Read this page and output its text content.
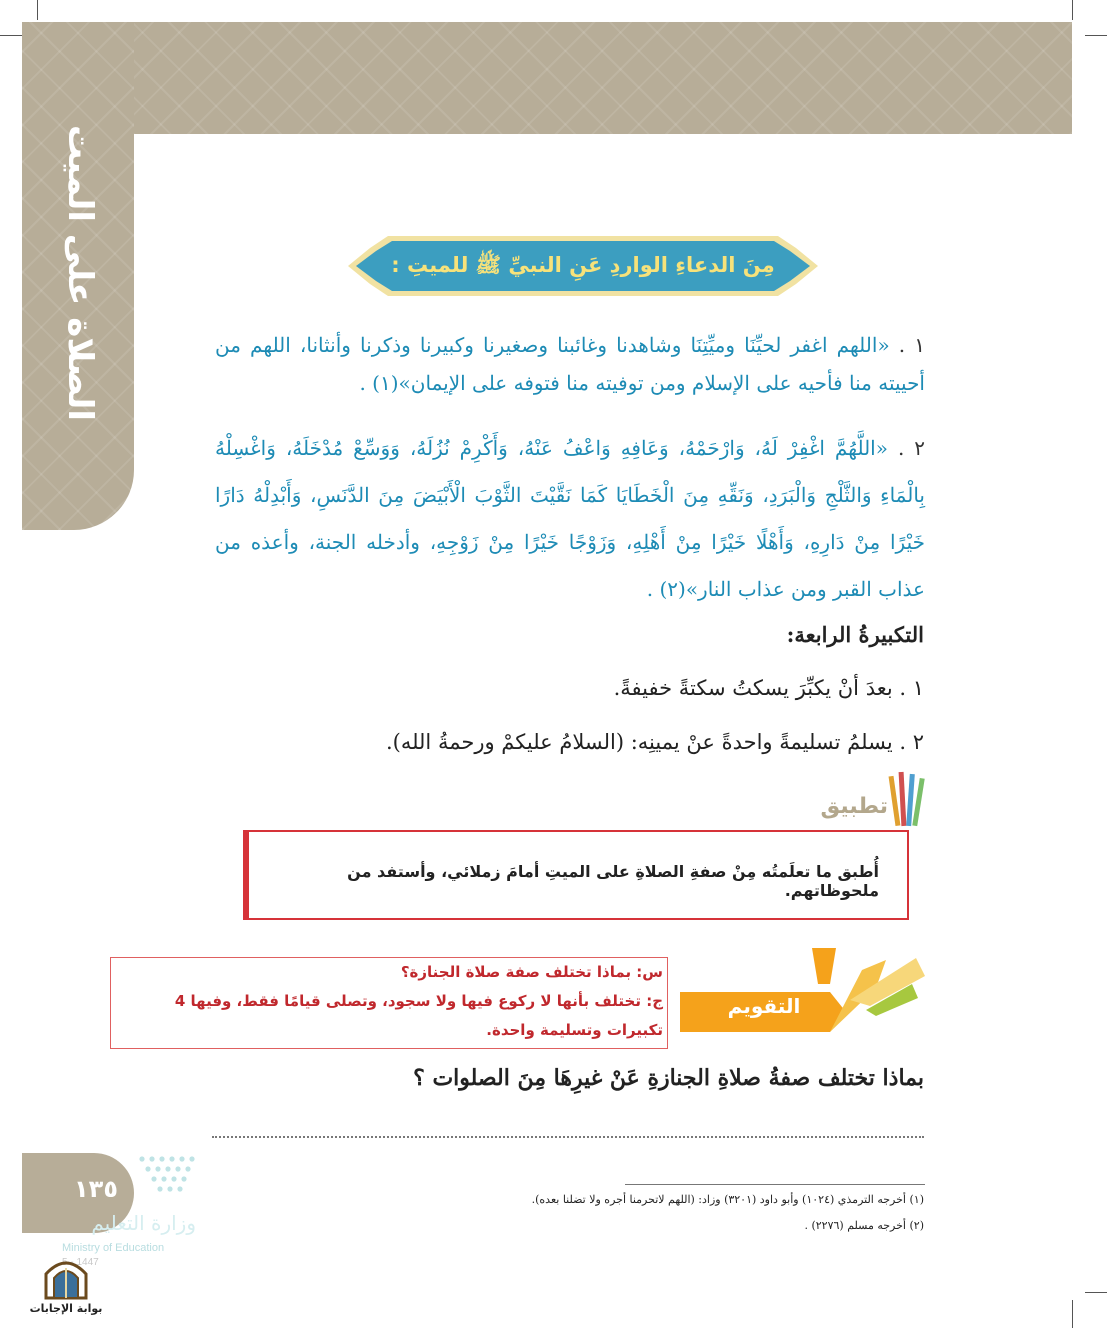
الصلاة على الميت	مِنَ الدعاءِ الواردِ عَنِ النبيِّ ﷺ للميتِ :
١ . «اللهم اغفر لحيِّنَا وميِّتِنَا وشاهدنا وغائبنا وصغيرنا وكبيرنا وذكرنا وأنثانا، اللهم من أحييته منا فأحيه على الإسلام ومن توفيته منا فتوفه على الإيمان»(١) .
٢ . «اللَّهُمَّ اغْفِرْ لَهُ، وَارْحَمْهُ، وَعَافِهِ وَاعْفُ عَنْهُ، وَأَكْرِمْ نُزُلَهُ، وَوَسِّعْ مُدْخَلَهُ، وَاغْسِلْهُ بِالْمَاءِ وَالثَّلْجِ وَالْبَرَدِ، وَنَقِّهِ مِنَ الْخَطَايَا كَمَا نَقَّيْتَ الثَّوْبَ الْأَبْيَضَ مِنَ الدَّنَسِ، وَأَبْدِلْهُ دَارًا خَيْرًا مِنْ دَارِهِ، وَأَهْلًا خَيْرًا مِنْ أَهْلِهِ، وَزَوْجًا خَيْرًا مِنْ زَوْجِهِ، وأدخله الجنة، وأعذه من عذاب القبر ومن عذاب النار»(٢) .
التكبيرةُ الرابعة:
١ . بعدَ أنْ يكبِّرَ يسكتُ سكتةً خفيفةً.
٢ . يسلمُ تسليمةً واحدةً عنْ يمينِه: (السلامُ عليكمْ ورحمةُ الله).
تطبيق
أُطبق ما تعلَمتُه مِنْ صفةِ الصلاةِ على الميتِ أمامَ زملائي، وأستفد من ملحوظاتهم.
التقويم
س: بماذا تختلف صفة صلاة الجنازة؟
ج: تختلف بأنها لا ركوع فيها ولا سجود، وتصلى قيامًا فقط، وفيها 4 تكبيرات وتسليمة واحدة.
بماذا تختلف صفةُ صلاةِ الجنازةِ عَنْ غيرِهَا مِنَ الصلوات ؟
(١) أخرجه الترمذي (١٠٢٤) وأبو داود (٣٢٠١) وزاد: (اللهم لاتحرمنا أجره ولا تضلنا بعده).
(٢) أخرجه مسلم (٢٢٧٦) .
١٣٥
وزارة التعليم
Ministry of Education
5 - 1447
بوابة الإجابات
